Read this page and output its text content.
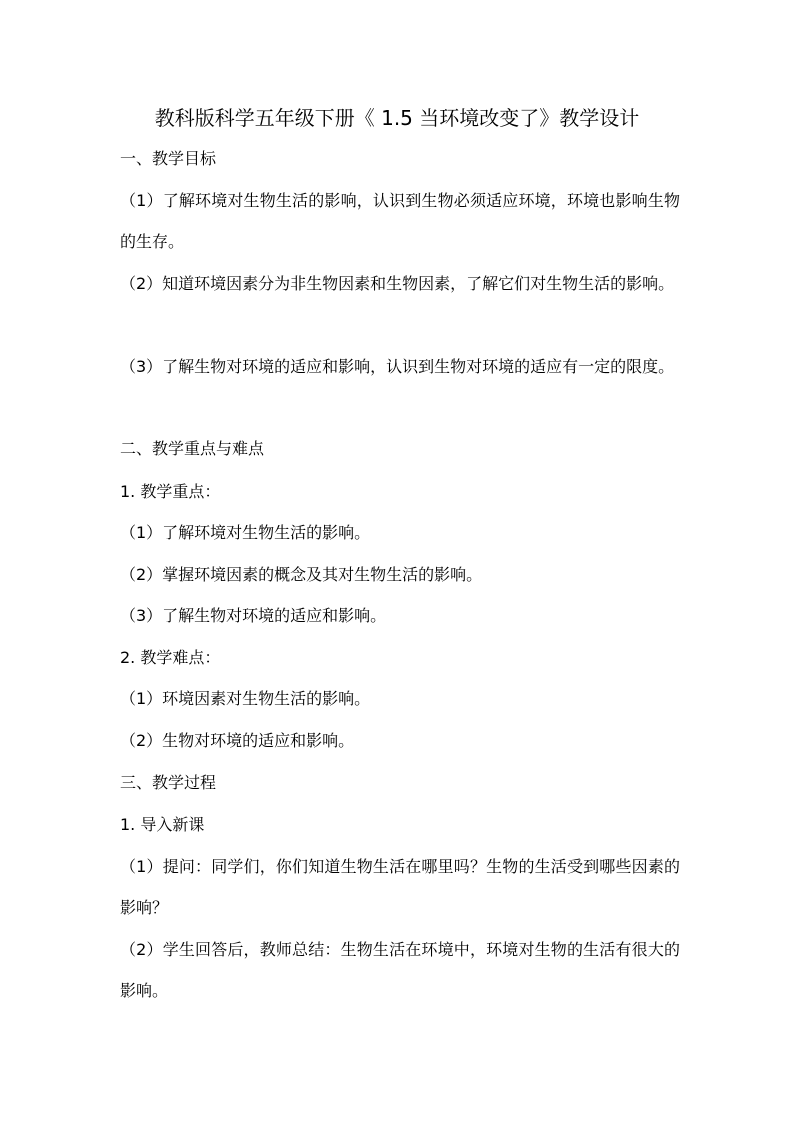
教科版科学五年级下册《 1.5 当环境改变了》教学设计
一、教学目标
（1）了解环境对生物生活的影响，认识到生物必须适应环境，环境也影响生物的生存。
（2）知道环境因素分为非生物因素和生物因素，了解它们对生物生活的影响。
（3）了解生物对环境的适应和影响，认识到生物对环境的适应有一定的限度。
二、教学重点与难点
1. 教学重点：
（1）了解环境对生物生活的影响。
（2）掌握环境因素的概念及其对生物生活的影响。
（3）了解生物对环境的适应和影响。
2. 教学难点：
（1）环境因素对生物生活的影响。
（2）生物对环境的适应和影响。
三、教学过程
1. 导入新课
（1）提问：同学们，你们知道生物生活在哪里吗？生物的生活受到哪些因素的影响？
（2）学生回答后，教师总结：生物生活在环境中，环境对生物的生活有很大的影响。
